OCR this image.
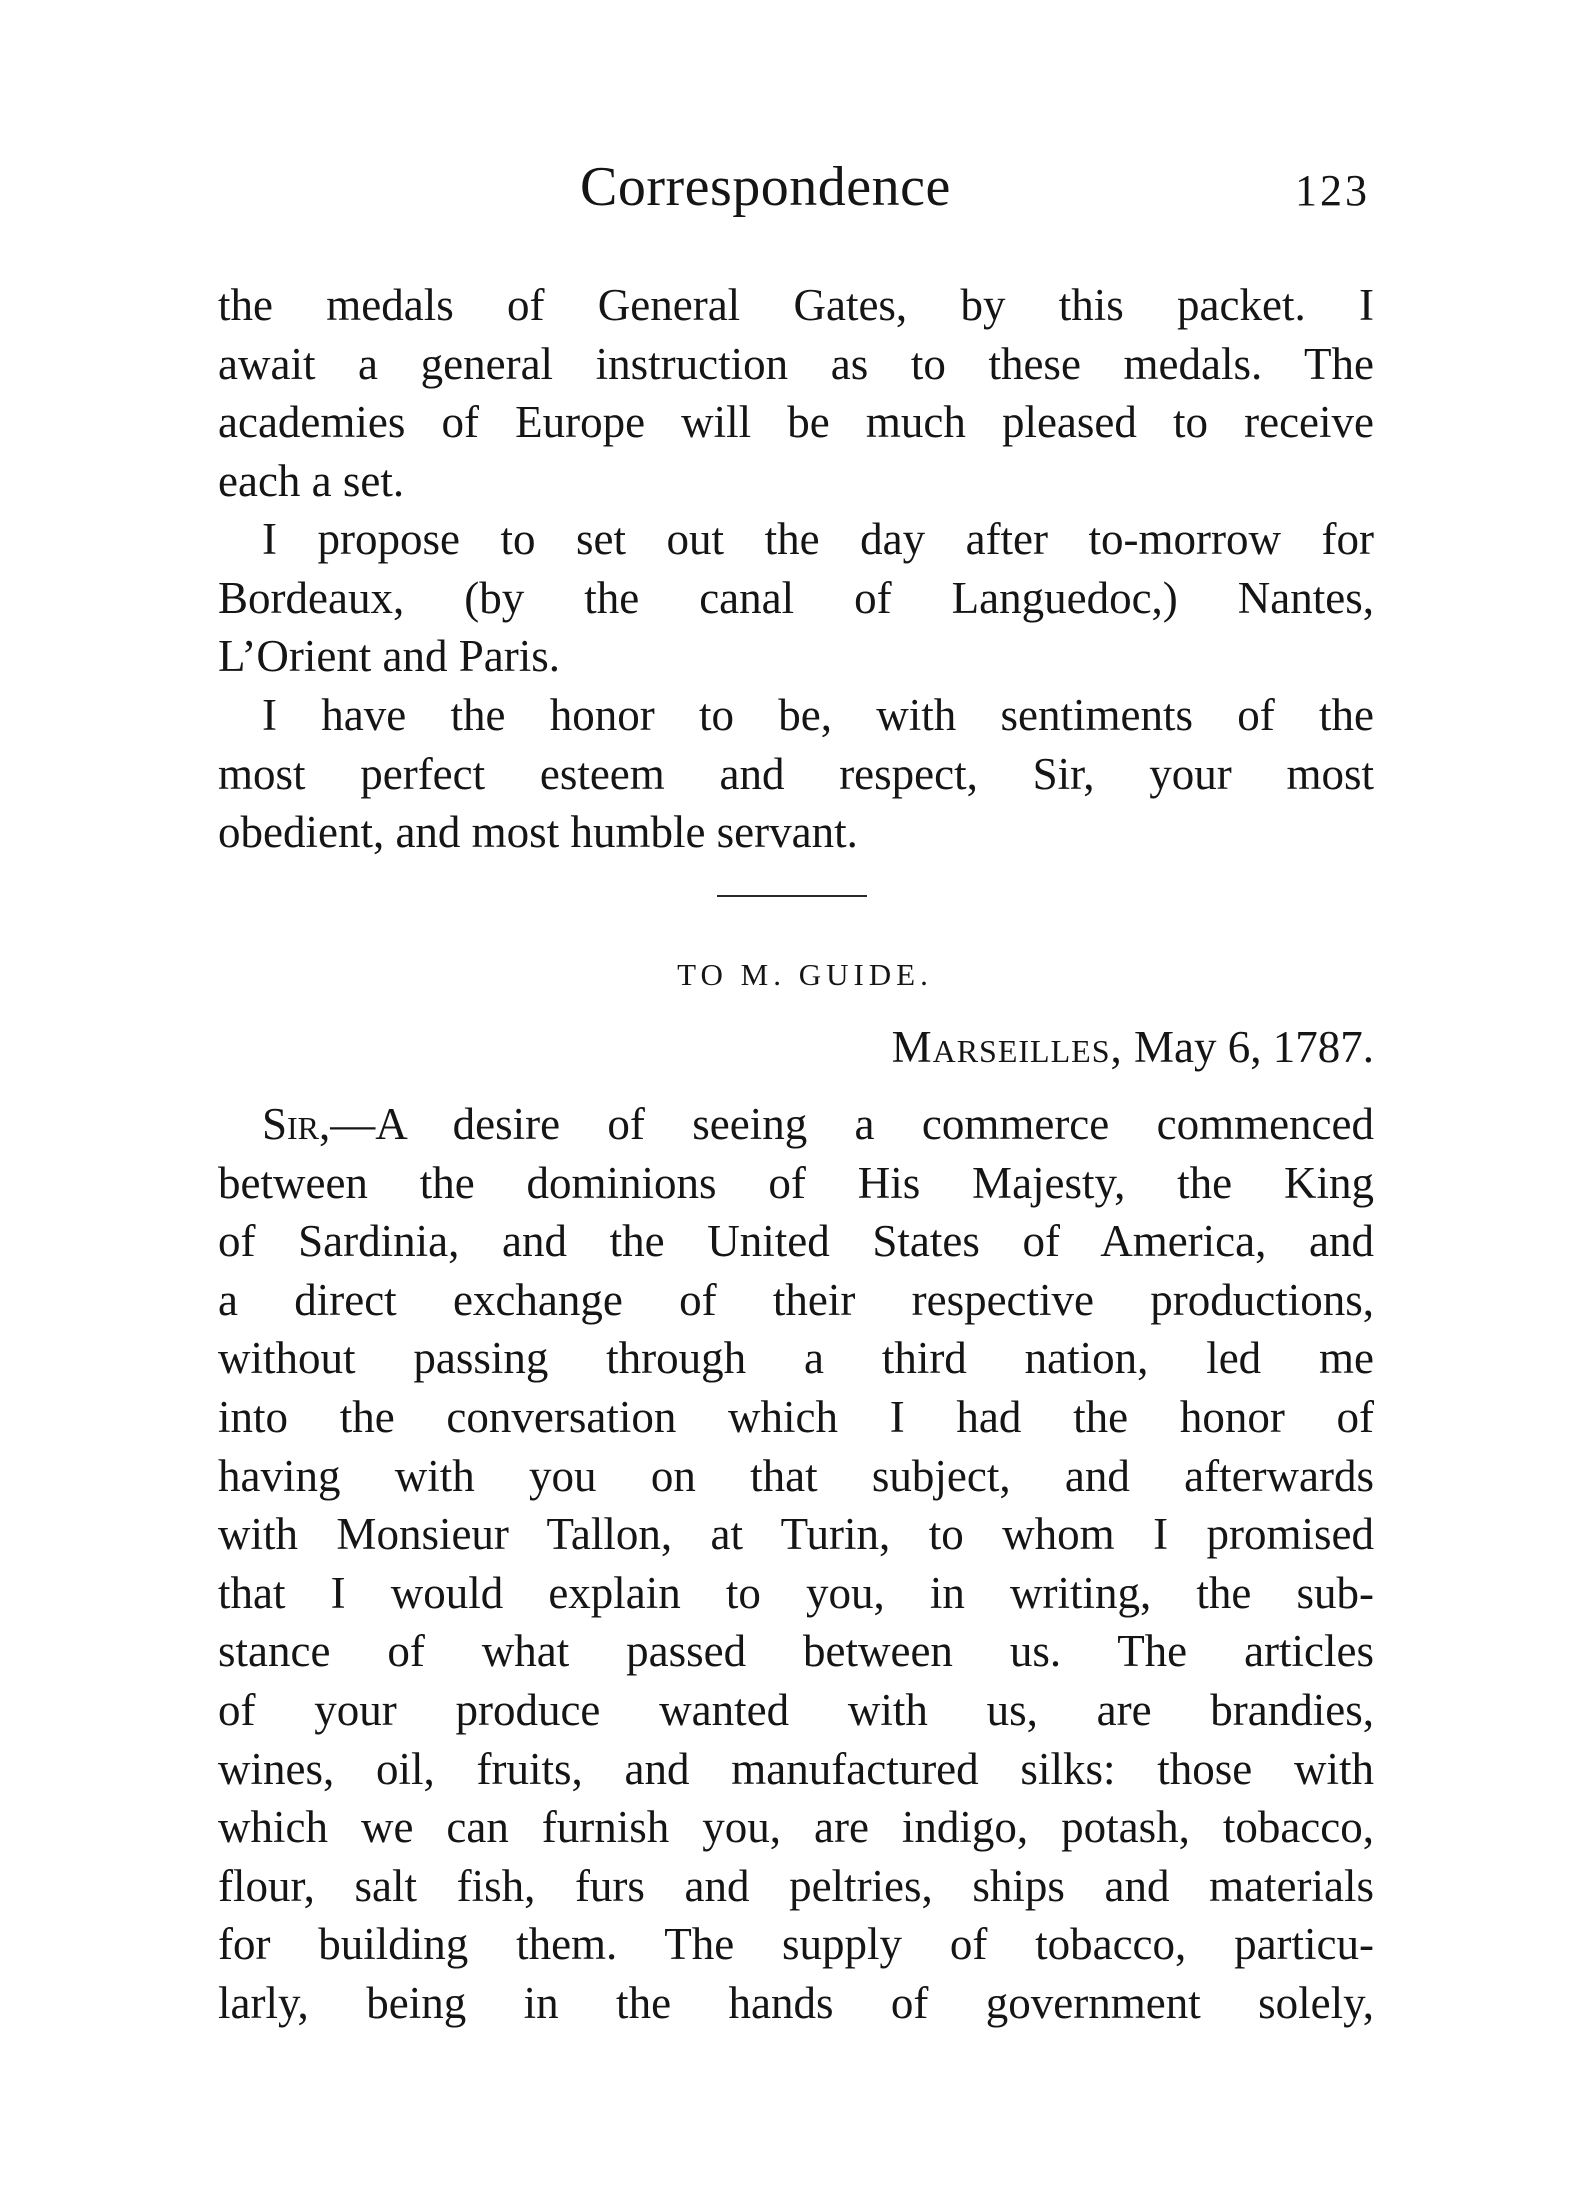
Correspondence	123
the medals of General Gates, by this packet. I
await a general instruction as to these medals. The
academies of Europe will be much pleased to receive
each a set.
I propose to set out the day after to-morrow for
Bordeaux, (by the canal of Languedoc,) Nantes,
L’Orient and Paris.
I have the honor to be, with sentiments of the
most perfect esteem and respect, Sir, your most
obedient, and most humble servant.
TO M. GUIDE.
Marseilles, May 6, 1787.
Sir,—A desire of seeing a commerce commenced
between the dominions of His Majesty, the King
of Sardinia, and the United States of America, and
a direct exchange of their respective productions,
without passing through a third nation, led me
into the conversation which I had the honor of
having with you on that subject, and afterwards
with Monsieur Tallon, at Turin, to whom I promised
that I would explain to you, in writing, the sub-
stance of what passed between us. The articles
of your produce wanted with us, are brandies,
wines, oil, fruits, and manufactured silks: those with
which we can furnish you, are indigo, potash, tobacco,
flour, salt fish, furs and peltries, ships and materials
for building them. The supply of tobacco, particu-
larly, being in the hands of government solely,
